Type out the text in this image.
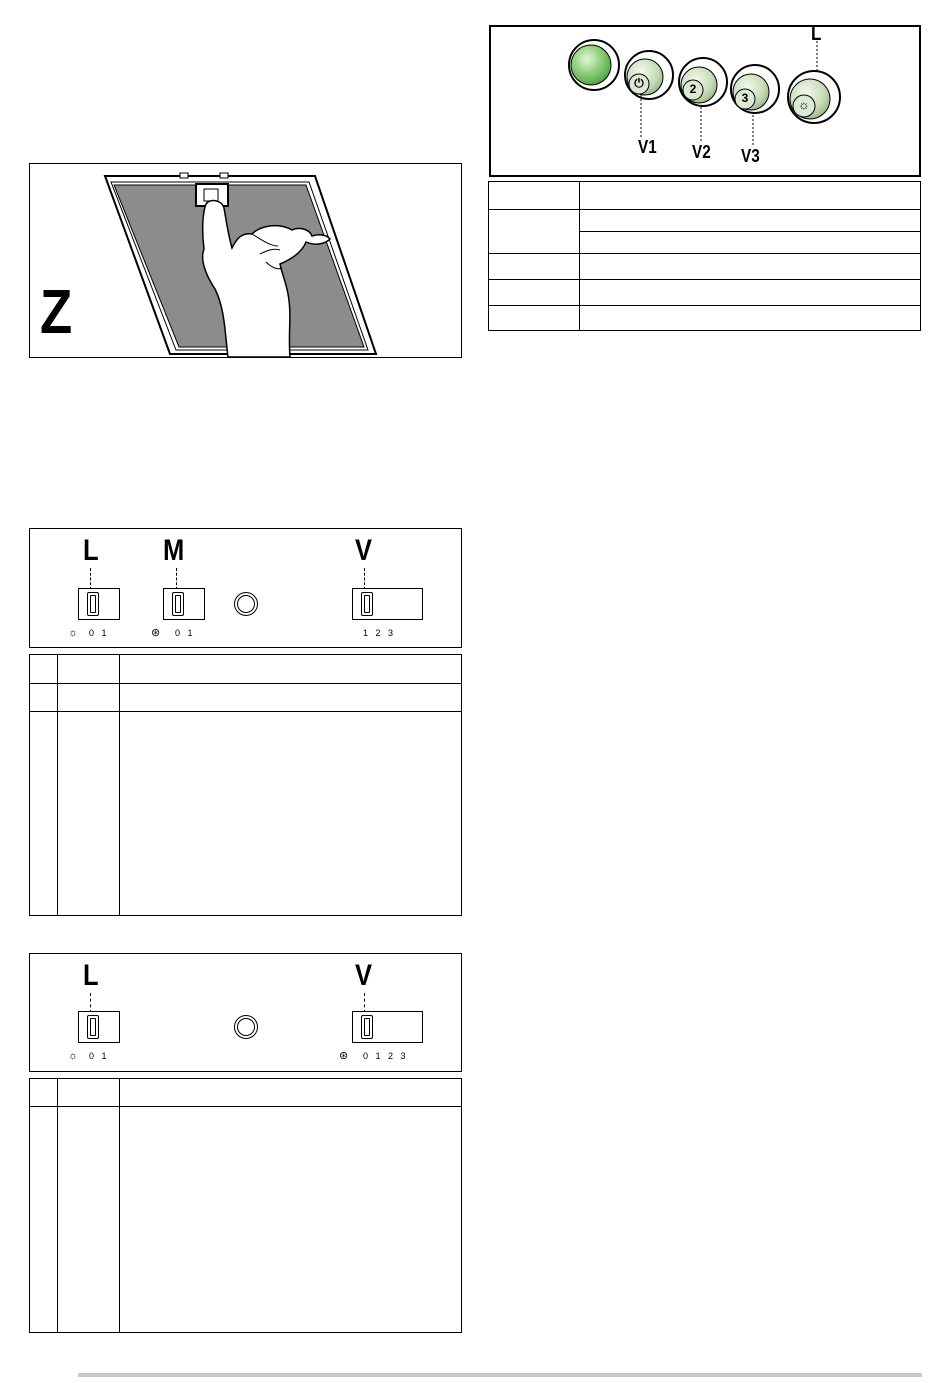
Z
⏻	2
3	☼
L
V1 V2 V3

L M	V
☼ 0   1	⊛ 0   1	1   2   3

L	V
☼ 0   1	⊛ 0   1   2   3
